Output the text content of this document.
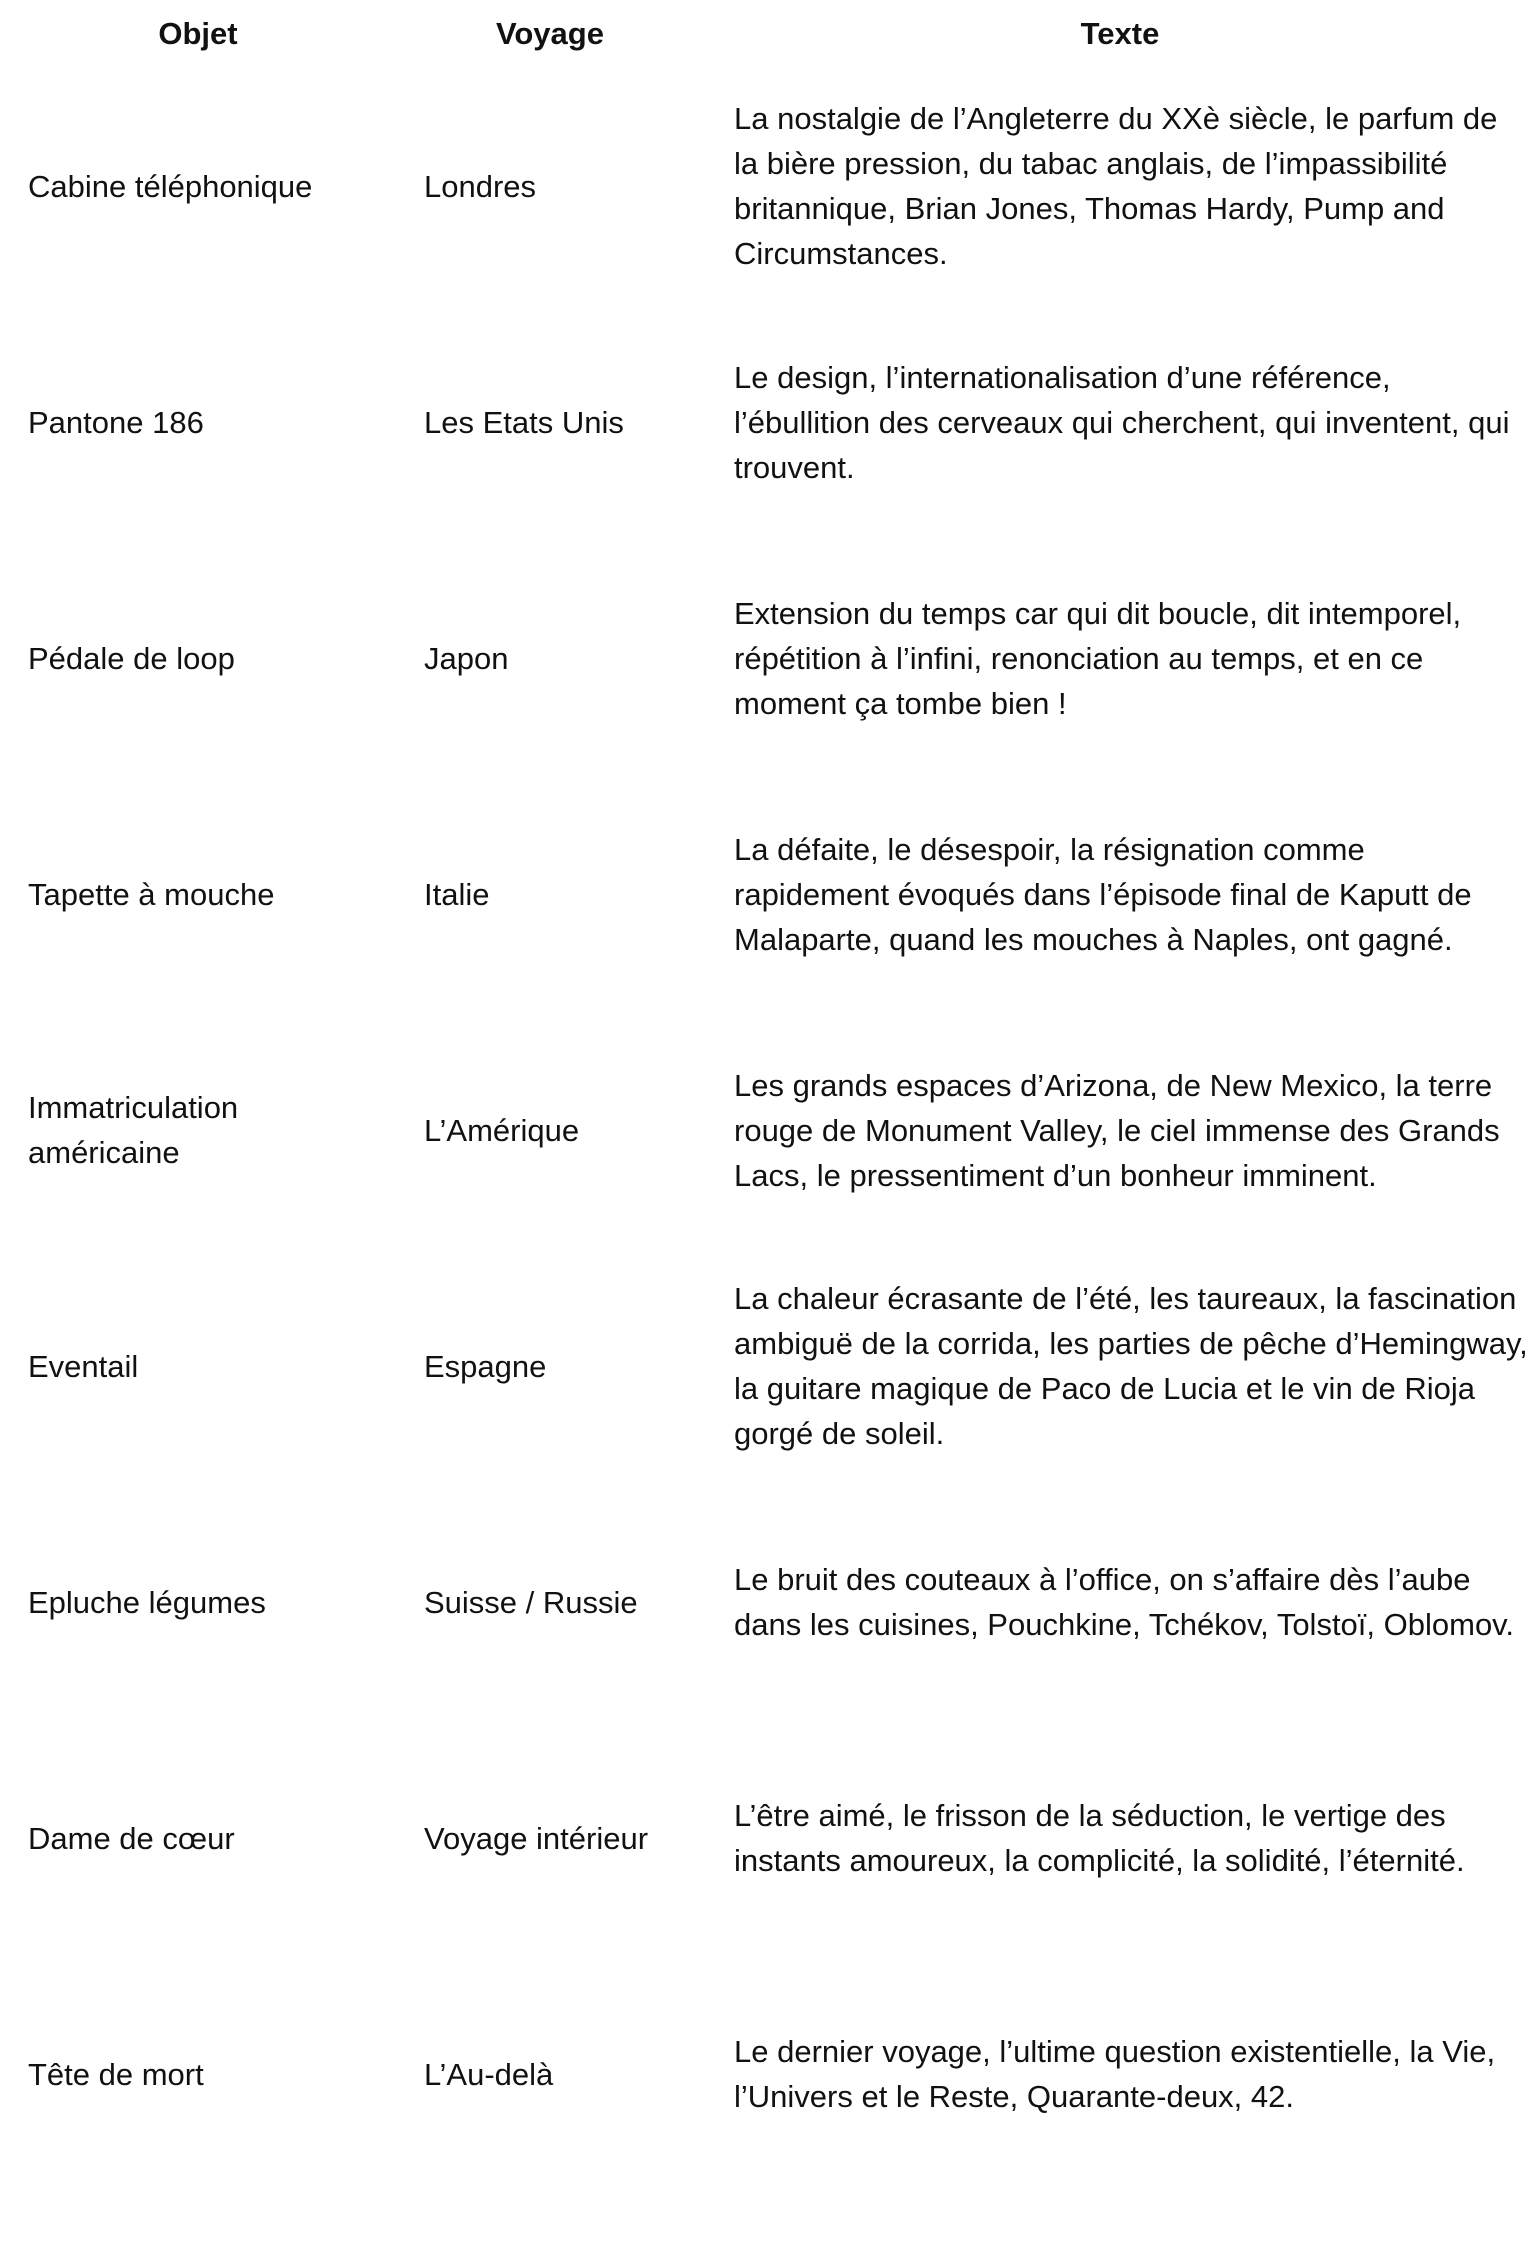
Objet	Voyage	Texte
Cabine téléphonique	Londres	La nostalgie de l’Angleterre du XXè siècle, le parfum de la bière pression, du tabac anglais, de l’impassibilité britannique, Brian Jones, Thomas Hardy, Pump and Circumstances.
Pantone 186	Les Etats Unis	Le design, l’internationalisation d’une référence, l’ébullition des cerveaux qui cherchent, qui inventent, qui trouvent.
Pédale de loop	Japon	Extension du temps car qui dit boucle, dit intemporel, répétition à l’infini, renonciation au temps, et en ce moment ça tombe bien !
Tapette à mouche	Italie	La défaite, le désespoir, la résignation comme rapidement évoqués dans l’épisode final de Kaputt de Malaparte, quand les mouches à Naples, ont gagné.
Immatriculation américaine	L’Amérique	Les grands espaces d’Arizona, de New Mexico, la terre rouge de Monument Valley, le ciel immense des Grands Lacs, le pressentiment d’un bonheur imminent.
Eventail	Espagne	La chaleur écrasante de l’été, les taureaux, la fascination ambiguë de la corrida, les parties de pêche d’Hemingway, la guitare magique de Paco de Lucia et le vin de Rioja gorgé de soleil.
Epluche légumes	Suisse / Russie	Le bruit des couteaux à l’office, on s’affaire dès l’aube dans les cuisines, Pouchkine, Tchékov, Tolstoï, Oblomov.
Dame de cœur	Voyage intérieur	L’être aimé, le frisson de la séduction, le vertige des instants amoureux, la complicité, la solidité, l’éternité.
Tête de mort	L’Au-delà	Le dernier voyage, l’ultime question existentielle, la Vie, l’Univers et le Reste, Quarante-deux, 42.
